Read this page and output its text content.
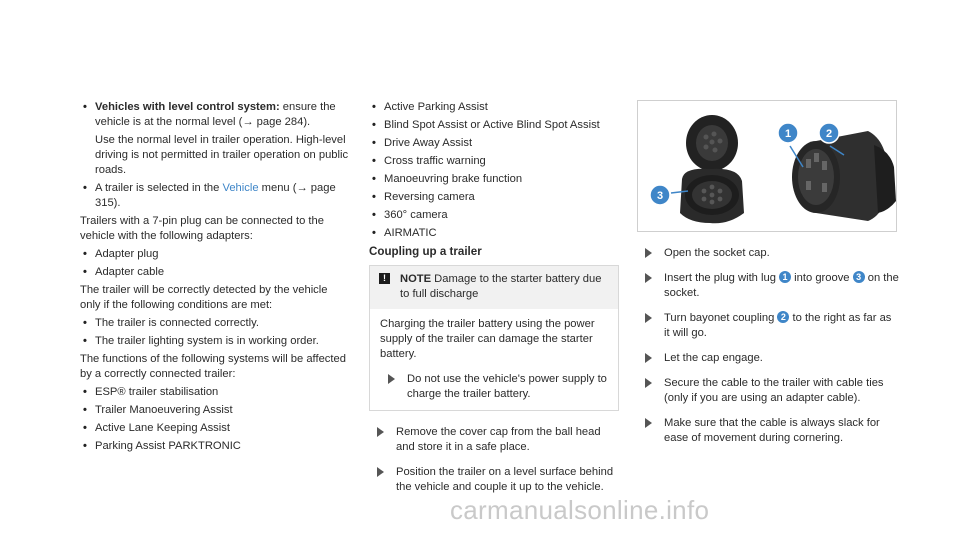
• Vehicles with level control system: ensure the vehicle is at the normal level (→ page 284).
Use the normal level in trailer operation. High-level driving is not permitted in trailer operation on public roads.
• A trailer is selected in the Vehicle menu (→ page 315).

Trailers with a 7-pin plug can be connected to the vehicle with the following adapters:

• Adapter plug
• Adapter cable

The trailer will be correctly detected by the vehicle only if the following conditions are met:

• The trailer is connected correctly.
• The trailer lighting system is in working order.

The functions of the following systems will be affected by a correctly connected trailer:

• ESP® trailer stabilisation
• Trailer Manoeuvering Assist
• Active Lane Keeping Assist
• Parking Assist PARKTRONIC
• Active Parking Assist
• Blind Spot Assist or Active Blind Spot Assist
• Drive Away Assist
• Cross traffic warning
• Manoeuvring brake function
• Reversing camera
• 360° camera
• AIRMATIC
Coupling up a trailer
!	NOTE Damage to the starter battery due to full discharge

Charging the trailer battery using the power supply of the trailer can damage the starter battery.

Do not use the vehicle's power supply to charge the trailer battery.
Remove the cover cap from the ball head and store it in a safe place.
Position the trailer on a level surface behind the vehicle and couple it up to the vehicle.
1	2
3
Open the socket cap.
Insert the plug with lug 1 into groove 3 on the socket.
Turn bayonet coupling 2 to the right as far as it will go.
Let the cap engage.
Secure the cable to the trailer with cable ties (only if you are using an adapter cable).
Make sure that the cable is always slack for ease of movement during cornering.
carmanualsonline.info
